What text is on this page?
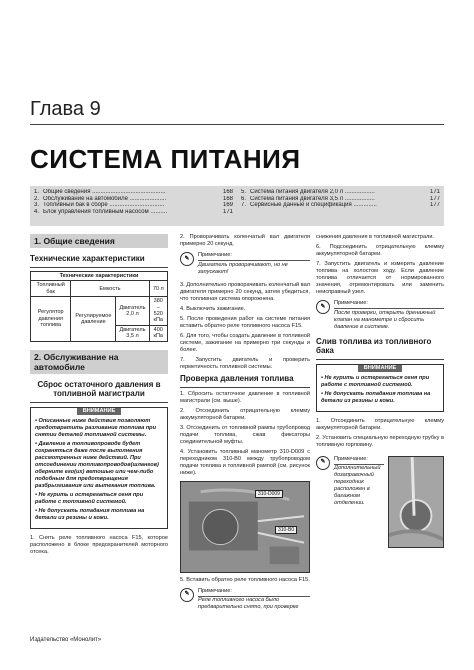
Глава 9
СИСТЕМА ПИТАНИЯ
1. Общие сведения ............................................	168
2. Обслуживание на автомобиле ......................	168
3. Топливный бак в сборе .................................	169
4. Блок управления топливным насосом ..........	171
5. Система питания двигателя 2,0 л ..................	171
6. Система питания двигателя 3,5 л ..................	177
7. Сервисные данные и спецификация ..............	177
1. Общие сведения
Технические характеристики
Технические характеристики			
Топливный бак	Емкость		70 л
Регулятор давления топлива	Регулируемое давление	Двигатель 2,0 л	380 – 520 кПа
		Двигатель 3,5 л	400 кПа
2. Обслуживание на автомобиле
Сброс остаточного давления в топливной магистрали
ВНИМАНИЕ

• Описанные ниже действия позволяют предотвратить разливание топлива при снятии деталей топливной системы.

• Давление в топливопроводе будет сохраняться даже после выполнения рассмотренных ниже действий. При отсоединении топливопроводов(шлангов) оберните его(их) ветошью или чем-либо подобным для предотвращения разбрызгивания или вытекания топлива.

• Не курить и остерегаться огня при работе с топливной системой.

• Не допускать попадания топлива на детали из резины и кожи.

1. Снять реле топливного насоса F15, которое расположено в блоке предохранителей моторного отсека.

2. Проворачивать коленчатый вал двигателя примерно 20 секунд.

✎
Примечание:
Двигатель проворачивают, но не запускают!

3. Дополнительно проворачивать коленчатый вал двигателя примерно 20 секунд, затем убедиться, что топливная система опорожнена.

4. Выключить зажигание.

5. После проведения работ на системе питания вставить обратно реле топливного насоса F15.

6. Для того, чтобы создать давление в топливной системе, зажигание на примерно три секунды и более.

7. Запустить двигатель и проверить герметичность топливной системы.

Проверка давления топлива

1. Сбросить остаточное давление в топливной магистрали (см. выше).

2. Отсоединить отрицательную клемму аккумуляторной батареи.

3. Отсоединить от топливной рампы трубопровод подачи топлива, сжав фиксаторы соединительной муфты.

4. Установить топливный манометр 310-D009 с переходником 310-B0 между трубопроводом подачи топлива и топливной рампой (см. рисунок ниже).

310-D009
310-B0

5. Вставить обратно реле топливного насоса F15.

✎
Примечание:
Реле топливного насоса было предварительно снято, при проверке

снижения давления в топливной магистрали.

6. Подсоединить отрицательную клемму аккумуляторной батареи.

7. Запустить двигатель и измерить давление топлива на холостом ходу. Если давление топлива отличается от нормированного значения, отремонтировать или заменить неисправный узел.

✎
Примечание:
После проверки, открыть дренажный клапан на манометре и сбросить давление в системе.
Слив топлива из топливного бака
ВНИМАНИЕ

• Не курить и остерегаться огня при работе с топливной системой.

• Не допускать попадания топлива на детали из резины и кожи.

1. Отсоединить отрицательную клемму аккумуляторной батареи.

2. Установить специальную переходную трубку в топливную горловину.

✎
Примечание:
Дополнительный дозаправочный переходник расположен в багажном отделении.
Издательство «Монолит»
